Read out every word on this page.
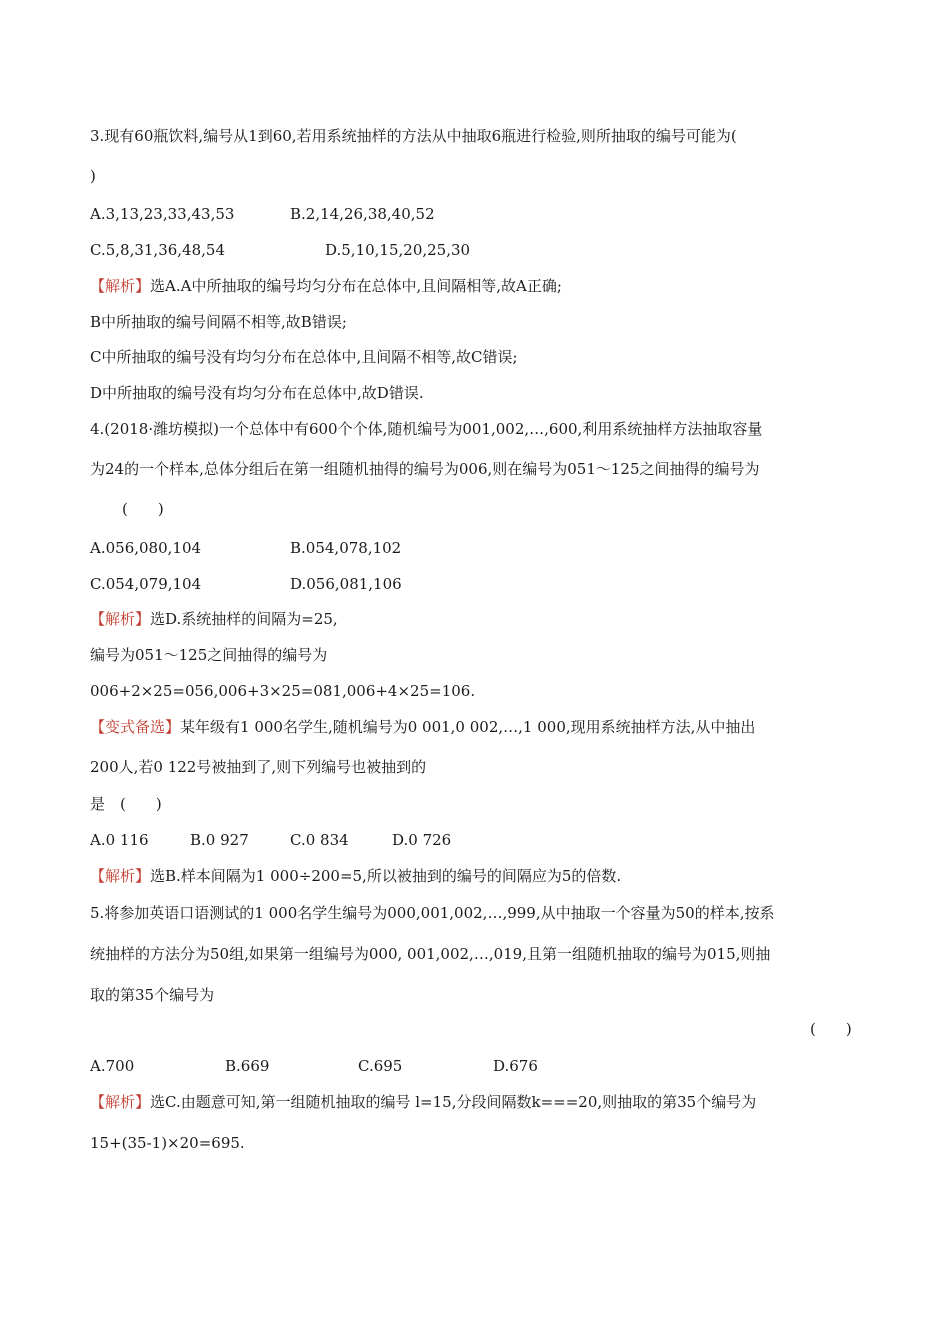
3.现有60瓶饮料,编号从1到60,若用系统抽样的方法从中抽取6瓶进行检验,则所抽取的编号可能为(
)
A.3,13,23,33,43,53	B.2,14,26,38,40,52
C.5,8,31,36,48,54	D.5,10,15,20,25,30
【解析】选A.A中所抽取的编号均匀分布在总体中,且间隔相等,故A正确;
B中所抽取的编号间隔不相等,故B错误;
C中所抽取的编号没有均匀分布在总体中,且间隔不相等,故C错误;
D中所抽取的编号没有均匀分布在总体中,故D错误.
4.(2018·潍坊模拟)一个总体中有600个个体,随机编号为001,002,…,600,利用系统抽样方法抽取容量
为24的一个样本,总体分组后在第一组随机抽得的编号为006,则在编号为051～125之间抽得的编号为
(　　)
A.056,080,104	B.054,078,102
C.054,079,104	D.056,081,106
【解析】选D.系统抽样的间隔为=25,
编号为051～125之间抽得的编号为
006+2×25=056,006+3×25=081,006+4×25=106.
【变式备选】某年级有1 000名学生,随机编号为0 001,0 002,…,1 000,现用系统抽样方法,从中抽出
200人,若0 122号被抽到了,则下列编号也被抽到的
是　(　　)
A.0 116	B.0 927	C.0 834	D.0 726
【解析】选B.样本间隔为1 000÷200=5,所以被抽到的编号的间隔应为5的倍数.
5.将参加英语口语测试的1 000名学生编号为000,001,002,…,999,从中抽取一个容量为50的样本,按系
统抽样的方法分为50组,如果第一组编号为000, 001,002,…,019,且第一组随机抽取的编号为015,则抽
取的第35个编号为
(　　)
A.700	B.669	C.695	D.676
【解析】选C.由题意可知,第一组随机抽取的编号 l=15,分段间隔数k===20,则抽取的第35个编号为
15+(35-1)×20=695.
